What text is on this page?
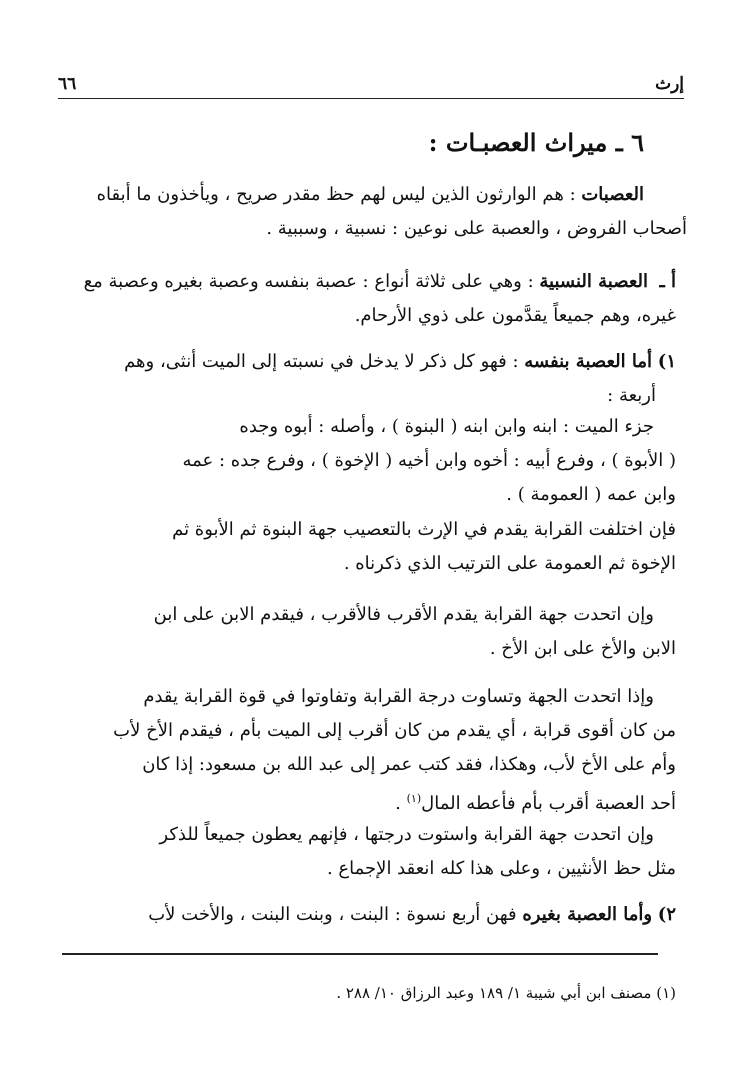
إرث
٦٦
٦ ـ ميراث العصبـات :
العصبات : هم الوارثون الذين ليس لهم حظ مقدر صريح ، ويأخذون ما أبقاه
أصحاب الفروض ، والعصبة على نوعين : نسبية ، وسببية .
أ ـ  العصبة النسبية : وهي على ثلاثة أنواع : عصبة بنفسه وعصبة بغيره وعصبة مع
غيره، وهم جميعاً يقدَّمون على ذوي الأرحام.
١) أما العصبة بنفسه : فهو كل ذكر لا يدخل في نسبته إلى الميت أنثى، وهم
أربعة :
جزء الميت : ابنه وابن ابنه ( البنوة ) ، وأصله : أبوه وجده
( الأبوة ) ، وفرع أبيه : أخوه وابن أخيه ( الإخوة ) ، وفرع جده : عمه
وابن عمه ( العمومة ) .
فإن اختلفت القرابة يقدم في الإرث بالتعصيب جهة البنوة ثم الأبوة ثم
الإخوة ثم العمومة على الترتيب الذي ذكرناه .
وإن اتحدت جهة القرابة يقدم الأقرب فالأقرب ، فيقدم الابن على ابن
الابن والأخ على ابن الأخ .
وإذا اتحدت الجهة وتساوت درجة القرابة وتفاوتوا في قوة القرابة يقدم
من كان أقوى قرابة ، أي يقدم من كان أقرب إلى الميت بأم ، فيقدم الأخ لأب
وأم على الأخ لأب، وهكذا، فقد كتب عمر إلى عبد الله بن مسعود: إذا كان
أحد العصبة أقرب بأم فأعطه المال$^{(١)}$ .
وإن اتحدت جهة القرابة واستوت درجتها ، فإنهم يعطون جميعاً للذكر
مثل حظ الأنثيين ، وعلى هذا كله انعقد الإجماع .
٢) وأما العصبة بغيره فهن أربع نسوة : البنت ، وبنت البنت ، والأخت لأب
(١) مصنف ابن أبي شيبة ١/ ١٨٩ وعبد الرزاق ١٠/ ٢٨٨ .
